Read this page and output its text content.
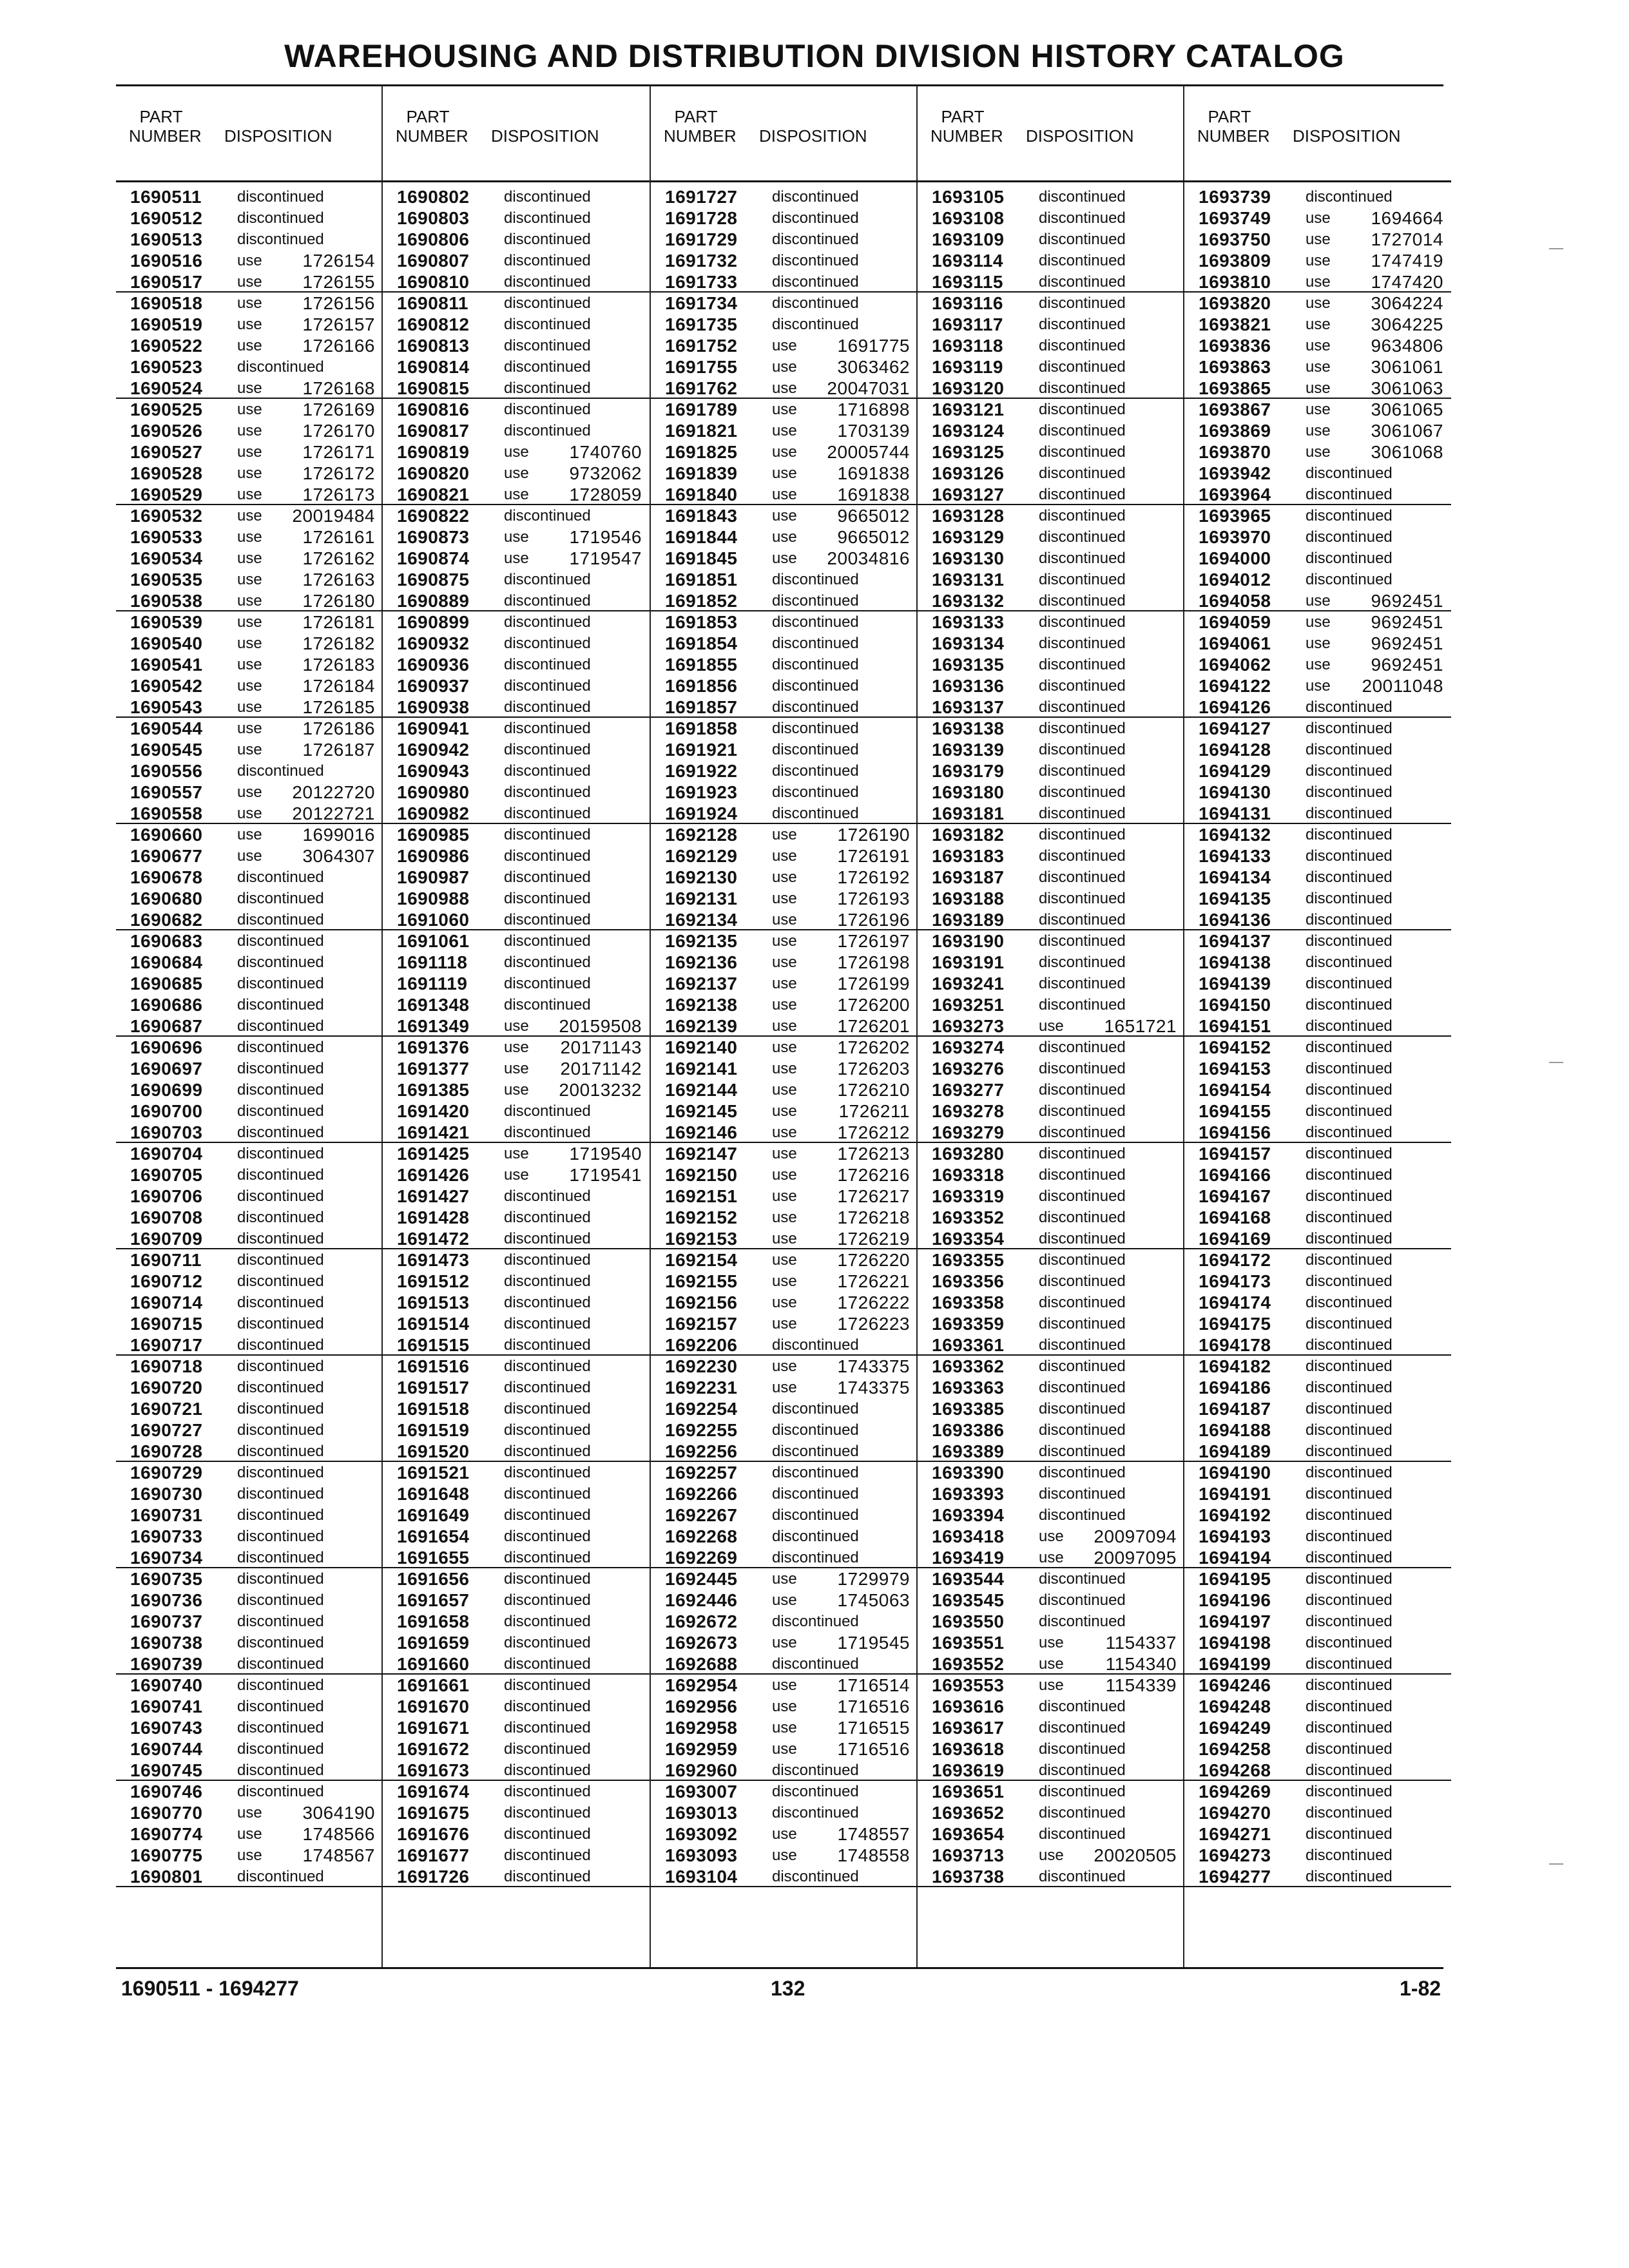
WAREHOUSING AND DISTRIBUTION DIVISION HISTORY CATALOG
PART
NUMBER DISPOSITION
1690511 discontinued
1690512 discontinued
1690513 discontinued
1690516 use 1726154
1690517 use 1726155
1690518 use 1726156
1690519 use 1726157
1690522 use 1726166
1690523 discontinued
1690524 use 1726168
1690525 use 1726169
1690526 use 1726170
1690527 use 1726171
1690528 use 1726172
1690529 use 1726173
1690532 use 20019484
1690533 use 1726161
1690534 use 1726162
1690535 use 1726163
1690538 use 1726180
1690539 use 1726181
1690540 use 1726182
1690541 use 1726183
1690542 use 1726184
1690543 use 1726185
1690544 use 1726186
1690545 use 1726187
1690556 discontinued
1690557 use 20122720
1690558 use 20122721
1690660 use 1699016
1690677 use 3064307
1690678 discontinued
1690680 discontinued
1690682 discontinued
1690683 discontinued
1690684 discontinued
1690685 discontinued
1690686 discontinued
1690687 discontinued
1690696 discontinued
1690697 discontinued
1690699 discontinued
1690700 discontinued
1690703 discontinued
1690704 discontinued
1690705 discontinued
1690706 discontinued
1690708 discontinued
1690709 discontinued
1690711 discontinued
1690712 discontinued
1690714 discontinued
1690715 discontinued
1690717 discontinued
1690718 discontinued
1690720 discontinued
1690721 discontinued
1690727 discontinued
1690728 discontinued
1690729 discontinued
1690730 discontinued
1690731 discontinued
1690733 discontinued
1690734 discontinued
1690735 discontinued
1690736 discontinued
1690737 discontinued
1690738 discontinued
1690739 discontinued
1690740 discontinued
1690741 discontinued
1690743 discontinued
1690744 discontinued
1690745 discontinued
1690746 discontinued
1690770 use 3064190
1690774 use 1748566
1690775 use 1748567
1690801 discontinued
PART
NUMBER DISPOSITION
1690802 discontinued
1690803 discontinued
1690806 discontinued
1690807 discontinued
1690810 discontinued
1690811 discontinued
1690812 discontinued
1690813 discontinued
1690814 discontinued
1690815 discontinued
1690816 discontinued
1690817 discontinued
1690819 use 1740760
1690820 use 9732062
1690821 use 1728059
1690822 discontinued
1690873 use 1719546
1690874 use 1719547
1690875 discontinued
1690889 discontinued
1690899 discontinued
1690932 discontinued
1690936 discontinued
1690937 discontinued
1690938 discontinued
1690941 discontinued
1690942 discontinued
1690943 discontinued
1690980 discontinued
1690982 discontinued
1690985 discontinued
1690986 discontinued
1690987 discontinued
1690988 discontinued
1691060 discontinued
1691061 discontinued
1691118 discontinued
1691119 discontinued
1691348 discontinued
1691349 use 20159508
1691376 use 20171143
1691377 use 20171142
1691385 use 20013232
1691420 discontinued
1691421 discontinued
1691425 use 1719540
1691426 use 1719541
1691427 discontinued
1691428 discontinued
1691472 discontinued
1691473 discontinued
1691512 discontinued
1691513 discontinued
1691514 discontinued
1691515 discontinued
1691516 discontinued
1691517 discontinued
1691518 discontinued
1691519 discontinued
1691520 discontinued
1691521 discontinued
1691648 discontinued
1691649 discontinued
1691654 discontinued
1691655 discontinued
1691656 discontinued
1691657 discontinued
1691658 discontinued
1691659 discontinued
1691660 discontinued
1691661 discontinued
1691670 discontinued
1691671 discontinued
1691672 discontinued
1691673 discontinued
1691674 discontinued
1691675 discontinued
1691676 discontinued
1691677 discontinued
1691726 discontinued
PART
NUMBER DISPOSITION
1691727 discontinued
1691728 discontinued
1691729 discontinued
1691732 discontinued
1691733 discontinued
1691734 discontinued
1691735 discontinued
1691752 use 1691775
1691755 use 3063462
1691762 use 20047031
1691789 use 1716898
1691821 use 1703139
1691825 use 20005744
1691839 use 1691838
1691840 use 1691838
1691843 use 9665012
1691844 use 9665012
1691845 use 20034816
1691851 discontinued
1691852 discontinued
1691853 discontinued
1691854 discontinued
1691855 discontinued
1691856 discontinued
1691857 discontinued
1691858 discontinued
1691921 discontinued
1691922 discontinued
1691923 discontinued
1691924 discontinued
1692128 use 1726190
1692129 use 1726191
1692130 use 1726192
1692131 use 1726193
1692134 use 1726196
1692135 use 1726197
1692136 use 1726198
1692137 use 1726199
1692138 use 1726200
1692139 use 1726201
1692140 use 1726202
1692141 use 1726203
1692144 use 1726210
1692145 use 1726211
1692146 use 1726212
1692147 use 1726213
1692150 use 1726216
1692151 use 1726217
1692152 use 1726218
1692153 use 1726219
1692154 use 1726220
1692155 use 1726221
1692156 use 1726222
1692157 use 1726223
1692206 discontinued
1692230 use 1743375
1692231 use 1743375
1692254 discontinued
1692255 discontinued
1692256 discontinued
1692257 discontinued
1692266 discontinued
1692267 discontinued
1692268 discontinued
1692269 discontinued
1692445 use 1729979
1692446 use 1745063
1692672 discontinued
1692673 use 1719545
1692688 discontinued
1692954 use 1716514
1692956 use 1716516
1692958 use 1716515
1692959 use 1716516
1692960 discontinued
1693007 discontinued
1693013 discontinued
1693092 use 1748557
1693093 use 1748558
1693104 discontinued
PART
NUMBER DISPOSITION
1693105 discontinued
1693108 discontinued
1693109 discontinued
1693114 discontinued
1693115 discontinued
1693116 discontinued
1693117 discontinued
1693118 discontinued
1693119 discontinued
1693120 discontinued
1693121 discontinued
1693124 discontinued
1693125 discontinued
1693126 discontinued
1693127 discontinued
1693128 discontinued
1693129 discontinued
1693130 discontinued
1693131 discontinued
1693132 discontinued
1693133 discontinued
1693134 discontinued
1693135 discontinued
1693136 discontinued
1693137 discontinued
1693138 discontinued
1693139 discontinued
1693179 discontinued
1693180 discontinued
1693181 discontinued
1693182 discontinued
1693183 discontinued
1693187 discontinued
1693188 discontinued
1693189 discontinued
1693190 discontinued
1693191 discontinued
1693241 discontinued
1693251 discontinued
1693273 use 1651721
1693274 discontinued
1693276 discontinued
1693277 discontinued
1693278 discontinued
1693279 discontinued
1693280 discontinued
1693318 discontinued
1693319 discontinued
1693352 discontinued
1693354 discontinued
1693355 discontinued
1693356 discontinued
1693358 discontinued
1693359 discontinued
1693361 discontinued
1693362 discontinued
1693363 discontinued
1693385 discontinued
1693386 discontinued
1693389 discontinued
1693390 discontinued
1693393 discontinued
1693394 discontinued
1693418 use 20097094
1693419 use 20097095
1693544 discontinued
1693545 discontinued
1693550 discontinued
1693551 use 1154337
1693552 use 1154340
1693553 use 1154339
1693616 discontinued
1693617 discontinued
1693618 discontinued
1693619 discontinued
1693651 discontinued
1693652 discontinued
1693654 discontinued
1693713 use 20020505
1693738 discontinued
PART
NUMBER DISPOSITION
1693739 discontinued
1693749 use 1694664
1693750 use 1727014
1693809 use 1747419
1693810 use 1747420
1693820 use 3064224
1693821 use 3064225
1693836 use 9634806
1693863 use 3061061
1693865 use 3061063
1693867 use 3061065
1693869 use 3061067
1693870 use 3061068
1693942 discontinued
1693964 discontinued
1693965 discontinued
1693970 discontinued
1694000 discontinued
1694012 discontinued
1694058 use 9692451
1694059 use 9692451
1694061 use 9692451
1694062 use 9692451
1694122 use 20011048
1694126 discontinued
1694127 discontinued
1694128 discontinued
1694129 discontinued
1694130 discontinued
1694131 discontinued
1694132 discontinued
1694133 discontinued
1694134 discontinued
1694135 discontinued
1694136 discontinued
1694137 discontinued
1694138 discontinued
1694139 discontinued
1694150 discontinued
1694151 discontinued
1694152 discontinued
1694153 discontinued
1694154 discontinued
1694155 discontinued
1694156 discontinued
1694157 discontinued
1694166 discontinued
1694167 discontinued
1694168 discontinued
1694169 discontinued
1694172 discontinued
1694173 discontinued
1694174 discontinued
1694175 discontinued
1694178 discontinued
1694182 discontinued
1694186 discontinued
1694187 discontinued
1694188 discontinued
1694189 discontinued
1694190 discontinued
1694191 discontinued
1694192 discontinued
1694193 discontinued
1694194 discontinued
1694195 discontinued
1694196 discontinued
1694197 discontinued
1694198 discontinued
1694199 discontinued
1694246 discontinued
1694248 discontinued
1694249 discontinued
1694258 discontinued
1694268 discontinued
1694269 discontinued
1694270 discontinued
1694271 discontinued
1694273 discontinued
1694277 discontinued
1690511 - 1694277	132	1-82
